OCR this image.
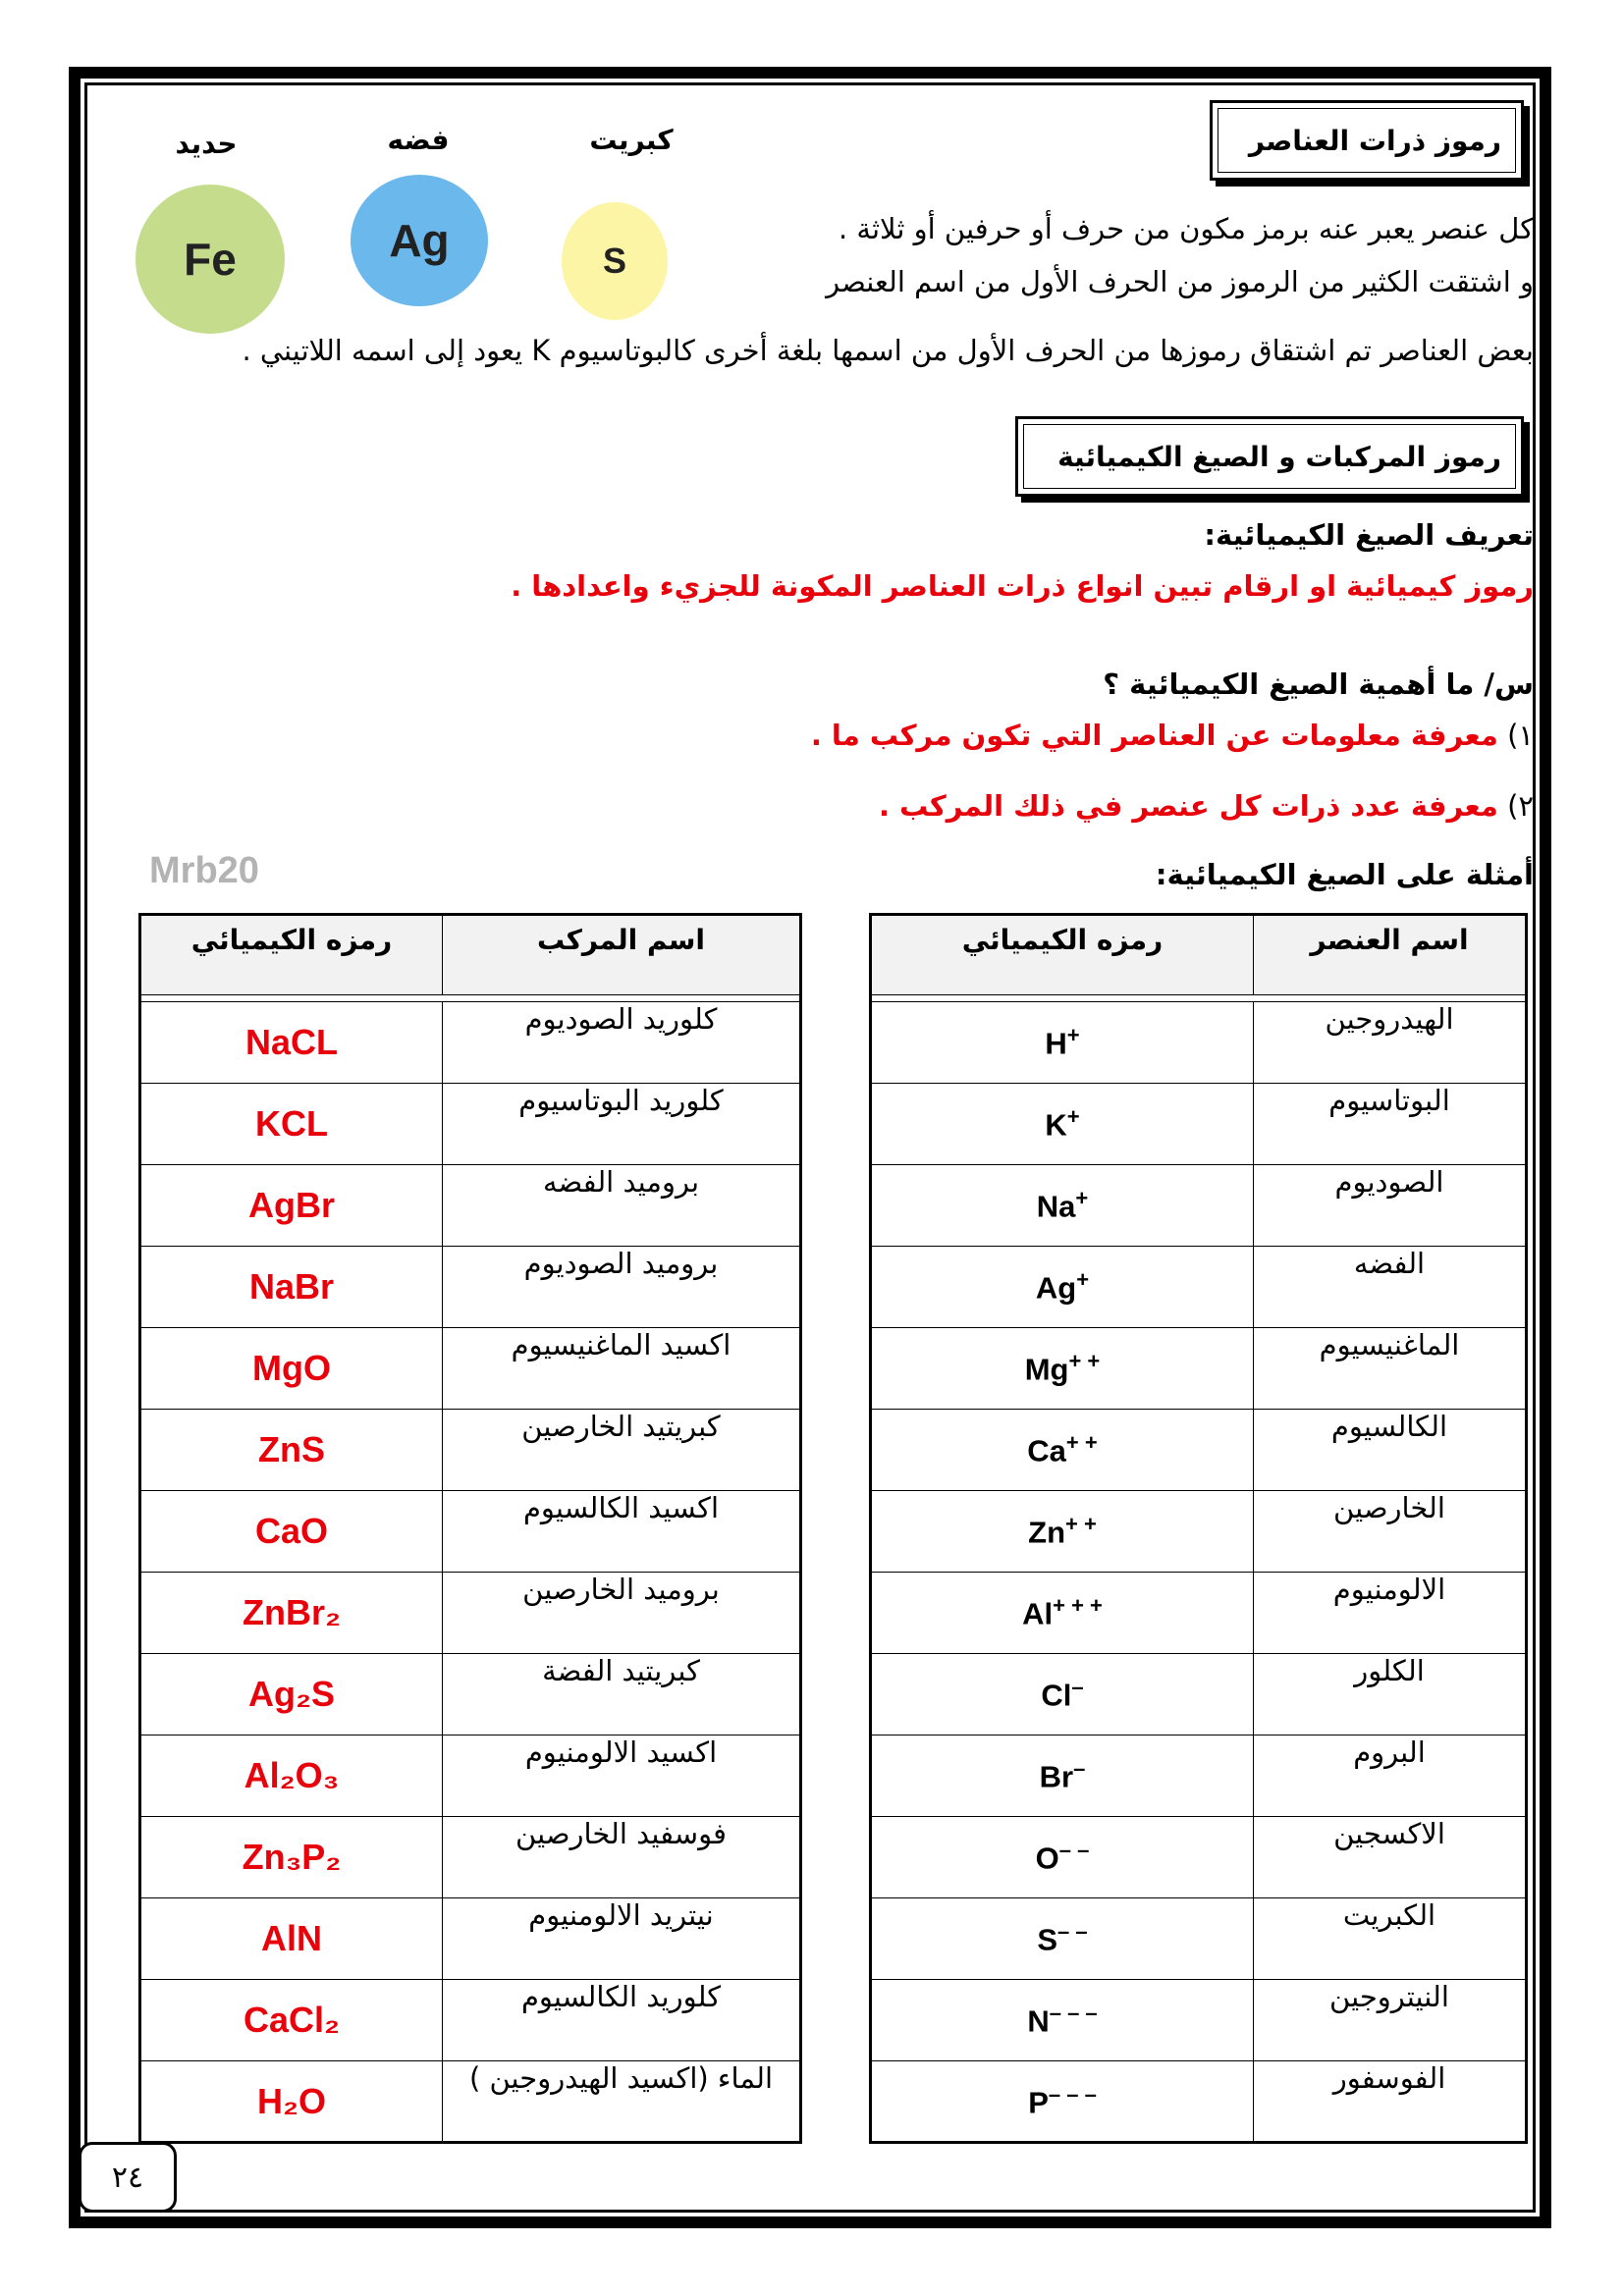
رموز ذرات العناصر
حديد	فضه	كبريت
Fe	Ag	S
كل عنصر يعبر عنه برمز مكون من حرف أو حرفين أو ثلاثة .
و اشتقت الكثير من الرموز من الحرف الأول من اسم العنصر
بعض العناصر تم اشتقاق رموزها من الحرف الأول من اسمها بلغة أخرى كالبوتاسيوم K يعود إلى اسمه اللاتيني .
رموز المركبات و الصيغ الكيميائية
تعريف الصيغ الكيميائية:
رموز كيميائية او ارقام تبين انواع ذرات العناصر المكونة للجزيء واعدادها .
س/ ما أهمية الصيغ الكيميائية ؟
١) معرفة معلومات عن العناصر التي تكون مركب ما .
٢) معرفة عدد ذرات كل عنصر في ذلك المركب .
Mrb20	أمثلة على الصيغ الكيميائية:
رمزه الكيميائي	اسم العنصر

H+	الهيدروجين
K+	البوتاسيوم
Na+	الصوديوم
Ag+	الفضه
Mg+ +	الماغنيسيوم
Ca+ +	الكالسيوم
Zn+ +	الخارصين
Al+ + +	الالومنيوم
Cl–	الكلور
Br–	البروم
O– –	الاكسجين
S– –	الكبريت
N– – –	النيتروجين
P– – –	الفوسفور
رمزه الكيميائي	اسم المركب

NaCL	كلوريد الصوديوم
KCL	كلوريد البوتاسيوم
AgBr	بروميد الفضه
NaBr	بروميد الصوديوم
MgO	اكسيد الماغنيسيوم
ZnS	كبريتيد الخارصين
CaO	اكسيد الكالسيوم
ZnBr₂	بروميد الخارصين
Ag₂S	كبريتيد الفضة
Al₂O₃	اكسيد الالومنيوم
Zn₃P₂	فوسفيد الخارصين
AlN	نيتريد الالومنيوم
CaCl₂	كلوريد الكالسيوم
H₂O	الماء (اكسيد الهيدروجين )
٢٤
